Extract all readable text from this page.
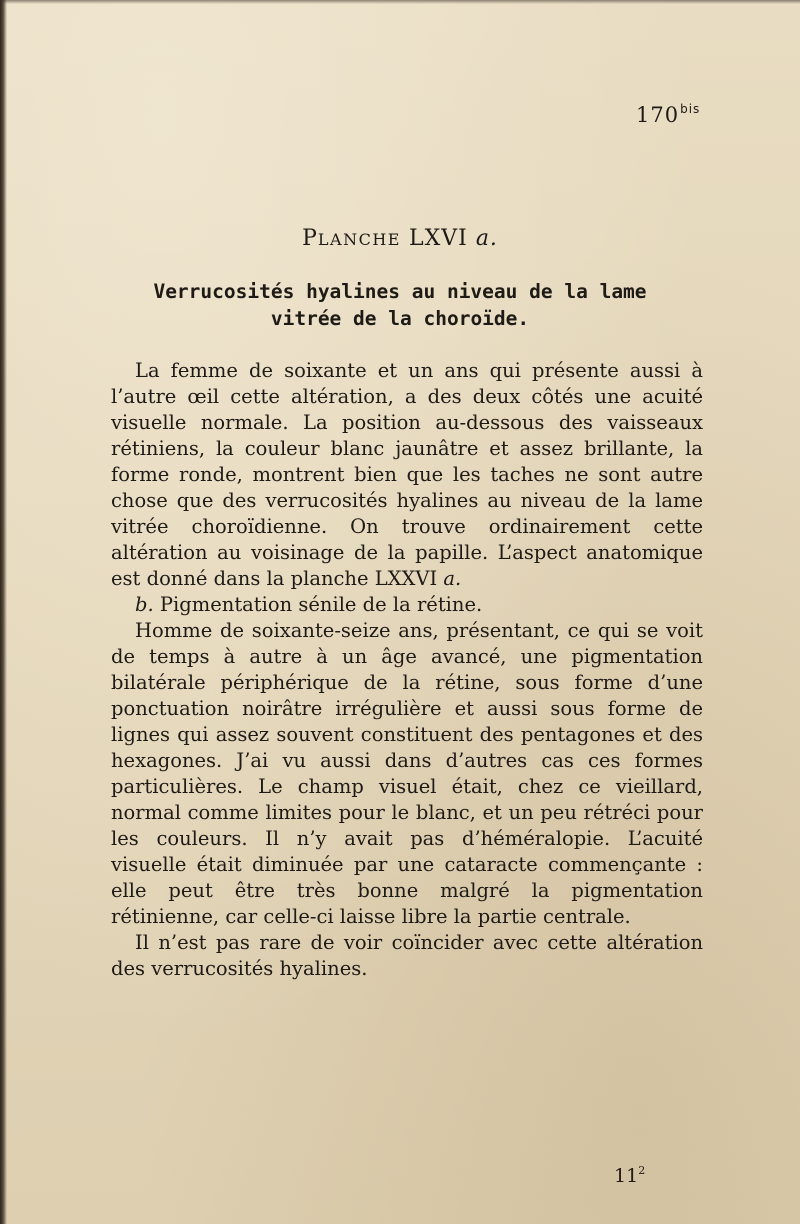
$170^{bis}$
PLANCHE LXVI a.
Verrucosités hyalines au niveau de la lame
vitrée de la choroïde.

La femme de soixante et un ans qui présente aussi à l’autre œil cette altération, a des deux côtés une acuité visuelle normale. La position au-dessous des vaisseaux rétiniens, la couleur blanc jaunâtre et assez brillante, la forme ronde, montrent bien que les taches ne sont autre chose que des verrucosités hyalines au niveau de la lame vitrée choroïdienne. On trouve ordinairement cette altération au voisinage de la papille. L’aspect anatomique est donné dans la planche LXXVI a.

b. Pigmentation sénile de la rétine.

Homme de soixante-seize ans, présentant, ce qui se voit de temps à autre à un âge avancé, une pigmentation bilatérale périphérique de la rétine, sous forme d’une ponctuation noirâtre irrégulière et aussi sous forme de lignes qui assez souvent constituent des pentagones et des hexagones. J’ai vu aussi dans d’autres cas ces formes particulières. Le champ visuel était, chez ce vieillard, normal comme limites pour le blanc, et un peu rétréci pour les couleurs. Il n’y avait pas d’héméralopie. L’acuité visuelle était diminuée par une cataracte commençante : elle peut être très bonne malgré la pigmentation rétinienne, car celle-ci laisse libre la partie centrale.

Il n’est pas rare de voir coïncider avec cette altération des verrucosités hyalines.

$11^2$
